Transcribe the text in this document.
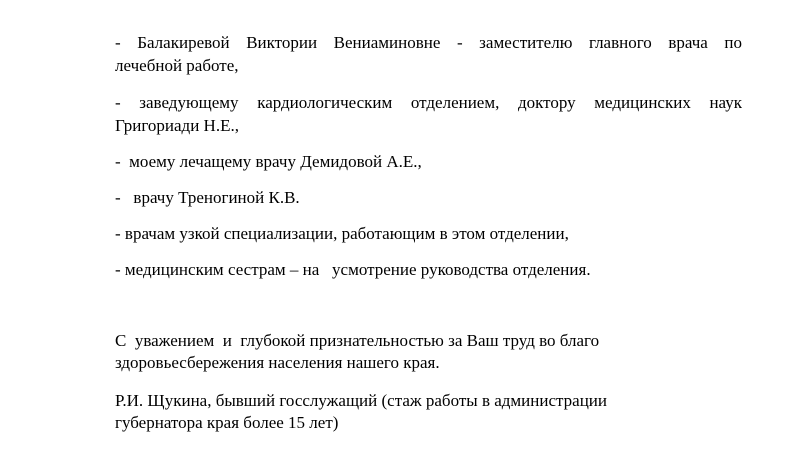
- Балакиревой Виктории Вениаминовне - заместителю главного врача по
лечебной работе,
- заведующему кардиологическим отделением, доктору медицинских наук
Григориади Н.Е.,
-  моему лечащему врачу Демидовой А.Е.,
-   врачу Треногиной К.В.
- врачам узкой специализации, работающим в этом отделении,
- медицинским сестрам – на   усмотрение руководства отделения.
С  уважением  и  глубокой признательностью за Ваш труд во благо
здоровьесбережения населения нашего края.
Р.И. Щукина, бывший госслужащий (стаж работы в администрации
губернатора края более 15 лет)
